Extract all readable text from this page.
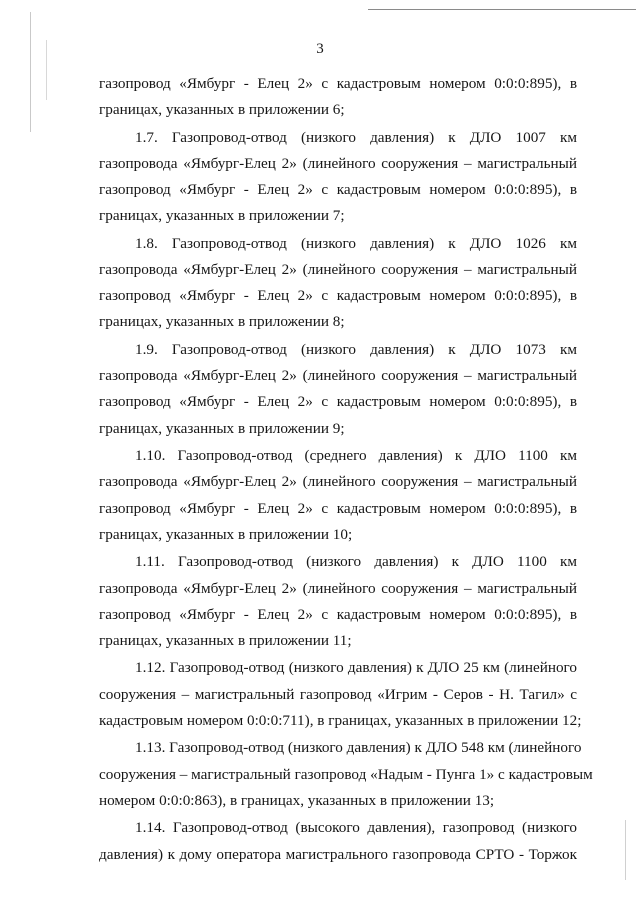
3
газопровод «Ямбург - Елец 2» с кадастровым номером 0:0:0:895), в
границах, указанных в приложении 6;
1.7. Газопровод-отвод (низкого давления) к ДЛО 1007 км
газопровода «Ямбург-Елец 2» (линейного сооружения – магистральный
газопровод «Ямбург - Елец 2» с кадастровым номером 0:0:0:895), в
границах, указанных в приложении 7;
1.8. Газопровод-отвод (низкого давления) к ДЛО 1026 км
газопровода «Ямбург-Елец 2» (линейного сооружения – магистральный
газопровод «Ямбург - Елец 2» с кадастровым номером 0:0:0:895), в
границах, указанных в приложении 8;
1.9. Газопровод-отвод (низкого давления) к ДЛО 1073 км
газопровода «Ямбург-Елец 2» (линейного сооружения – магистральный
газопровод «Ямбург - Елец 2» с кадастровым номером 0:0:0:895), в
границах, указанных в приложении 9;
1.10. Газопровод-отвод (среднего давления) к ДЛО 1100 км
газопровода «Ямбург-Елец 2» (линейного сооружения – магистральный
газопровод «Ямбург - Елец 2» с кадастровым номером 0:0:0:895), в
границах, указанных в приложении 10;
1.11. Газопровод-отвод (низкого давления) к ДЛО 1100 км
газопровода «Ямбург-Елец 2» (линейного сооружения – магистральный
газопровод «Ямбург - Елец 2» с кадастровым номером 0:0:0:895), в
границах, указанных в приложении 11;
1.12. Газопровод-отвод (низкого давления) к ДЛО 25 км (линейного
сооружения – магистральный газопровод «Игрим - Серов - Н. Тагил» с
кадастровым номером 0:0:0:711), в границах, указанных в приложении 12;
1.13. Газопровод-отвод (низкого давления) к ДЛО 548 км (линейного
сооружения – магистральный газопровод «Надым - Пунга 1» с кадастровым
номером 0:0:0:863), в границах, указанных в приложении 13;
1.14. Газопровод-отвод (высокого давления), газопровод (низкого
давления) к дому оператора магистрального газопровода СРТО - Торжок
